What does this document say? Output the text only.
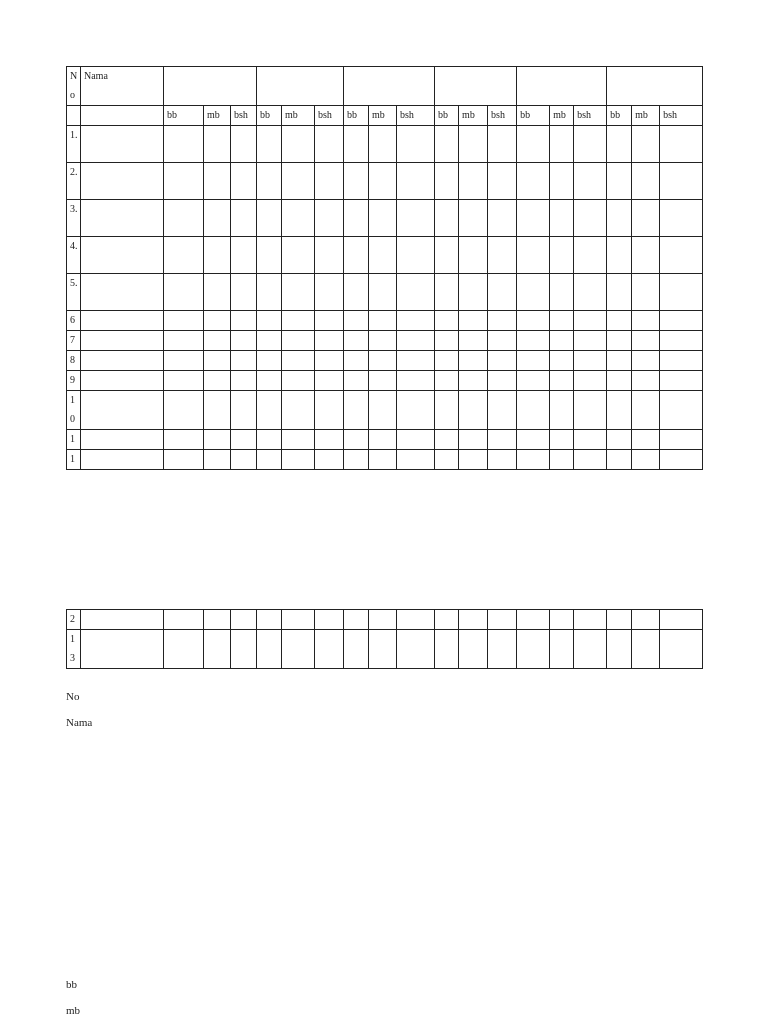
No	Nama																		
		bb	mb	bsh	bb	mb	bsh	bb	mb	bsh	bb	mb	bsh	bb	mb	bsh	bb	mb	bsh

1.																			

2.																			

3.																			

4.																			

5.																			

6																			

7																			

8																			

9																			

10																			

1																			

1																			

2																			

13																			

No
Nama
bb
mb
